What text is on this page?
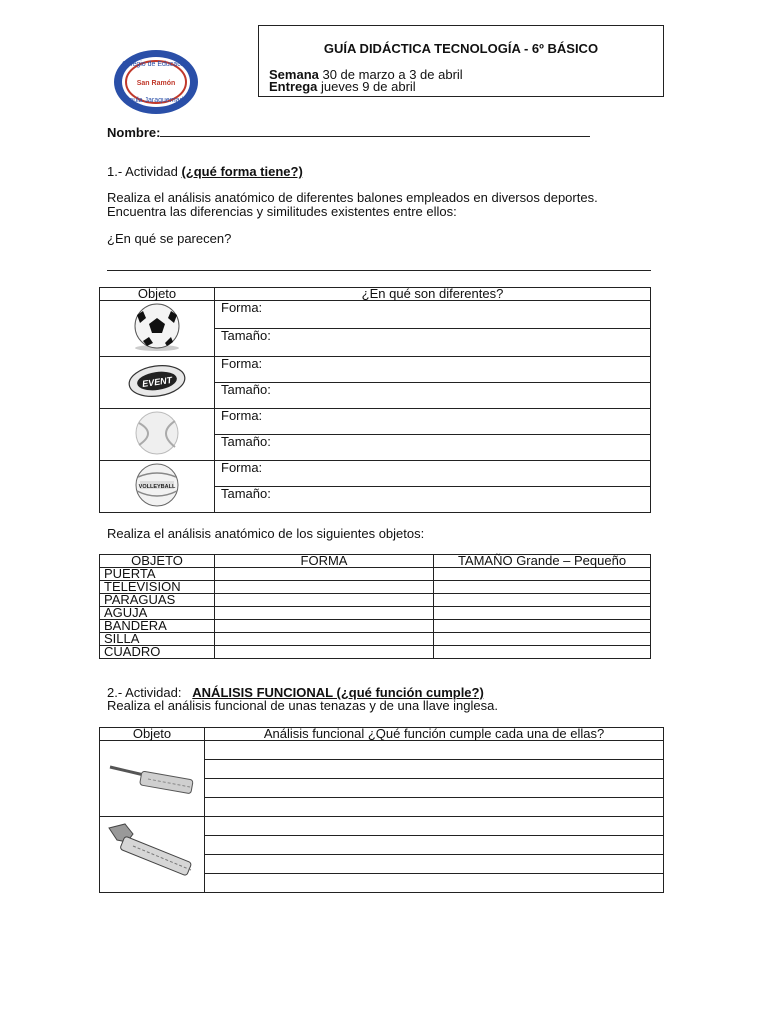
Colegio de Educación
San Ramón
Paula Jaraquemada
GUÍA DIDÁCTICA TECNOLOGÍA - 6º BÁSICO
Semana 30 de marzo a 3 de abril
Entrega jueves 9 de abril
Nombre:
1.- Actividad (¿qué forma tiene?)
Realiza el análisis anatómico de diferentes balones empleados en diversos deportes.
Encuentra las diferencias y similitudes existentes entre ellos:
¿En qué se parecen?
Objeto	¿En qué son diferentes?
	Forma:
	Tamaño:

EVENT	Forma:
	Tamaño:
	Forma:
	Tamaño:

VOLLEYBALL	Forma:
	Tamaño:
Realiza el análisis anatómico de los siguientes objetos:
OBJETO	FORMA	TAMAÑO Grande – Pequeño
PUERTA		
TELEVISION		
PARAGUAS		
AGUJA		
BANDERA		
SILLA		
CUADRO		
2.- Actividad: ANÁLISIS FUNCIONAL (¿qué función cumple?)
Realiza el análisis funcional de unas tenazas y de una llave inglesa.
Objeto	Análisis funcional ¿Qué función cumple cada una de ellas?
